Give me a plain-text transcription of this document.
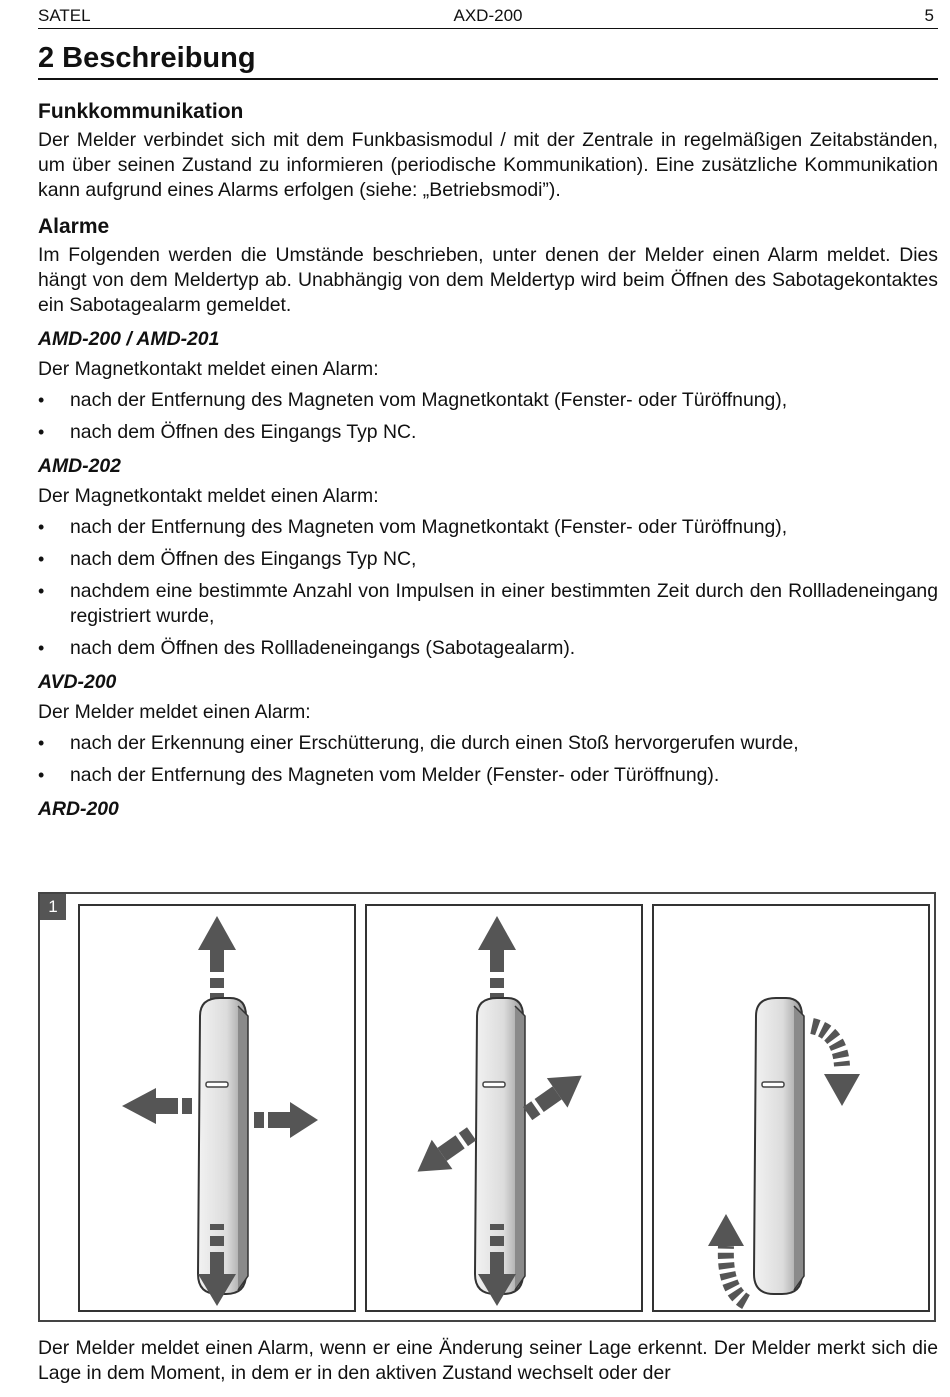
SATEL	AXD-200	5
2 Beschreibung
Funkkommunikation

Der Melder verbindet sich mit dem Funkbasismodul / mit der Zentrale in regelmäßigen Zeitabständen, um über seinen Zustand zu informieren (periodische Kommunikation). Eine zusätzliche Kommunikation kann aufgrund eines Alarms erfolgen (siehe: „Betriebsmodi”).

Alarme

Im Folgenden werden die Umstände beschrieben, unter denen der Melder einen Alarm meldet. Dies hängt von dem Meldertyp ab. Unabhängig von dem Meldertyp wird beim Öffnen des Sabotagekontaktes ein Sabotagealarm gemeldet.

AMD-200 / AMD-201

Der Magnetkontakt meldet einen Alarm:

• nach der Entfernung des Magneten vom Magnetkontakt (Fenster- oder Türöffnung),
• nach dem Öffnen des Eingangs Typ NC.
AMD-202

Der Magnetkontakt meldet einen Alarm:

• nach der Entfernung des Magneten vom Magnetkontakt (Fenster- oder Türöffnung),
• nach dem Öffnen des Eingangs Typ NC,
• nachdem eine bestimmte Anzahl von Impulsen in einer bestimmten Zeit durch den Rollladeneingang registriert wurde,
• nach dem Öffnen des Rollladeneingangs (Sabotagealarm).
AVD-200

Der Melder meldet einen Alarm:

• nach der Erkennung einer Erschütterung, die durch einen Stoß hervorgerufen wurde,
• nach der Entfernung des Magneten vom Melder (Fenster- oder Türöffnung).
ARD-200
1

Der Melder meldet einen Alarm, wenn er eine Änderung seiner Lage erkennt. Der Melder merkt sich die Lage in dem Moment, in dem er in den aktiven Zustand wechselt oder der
